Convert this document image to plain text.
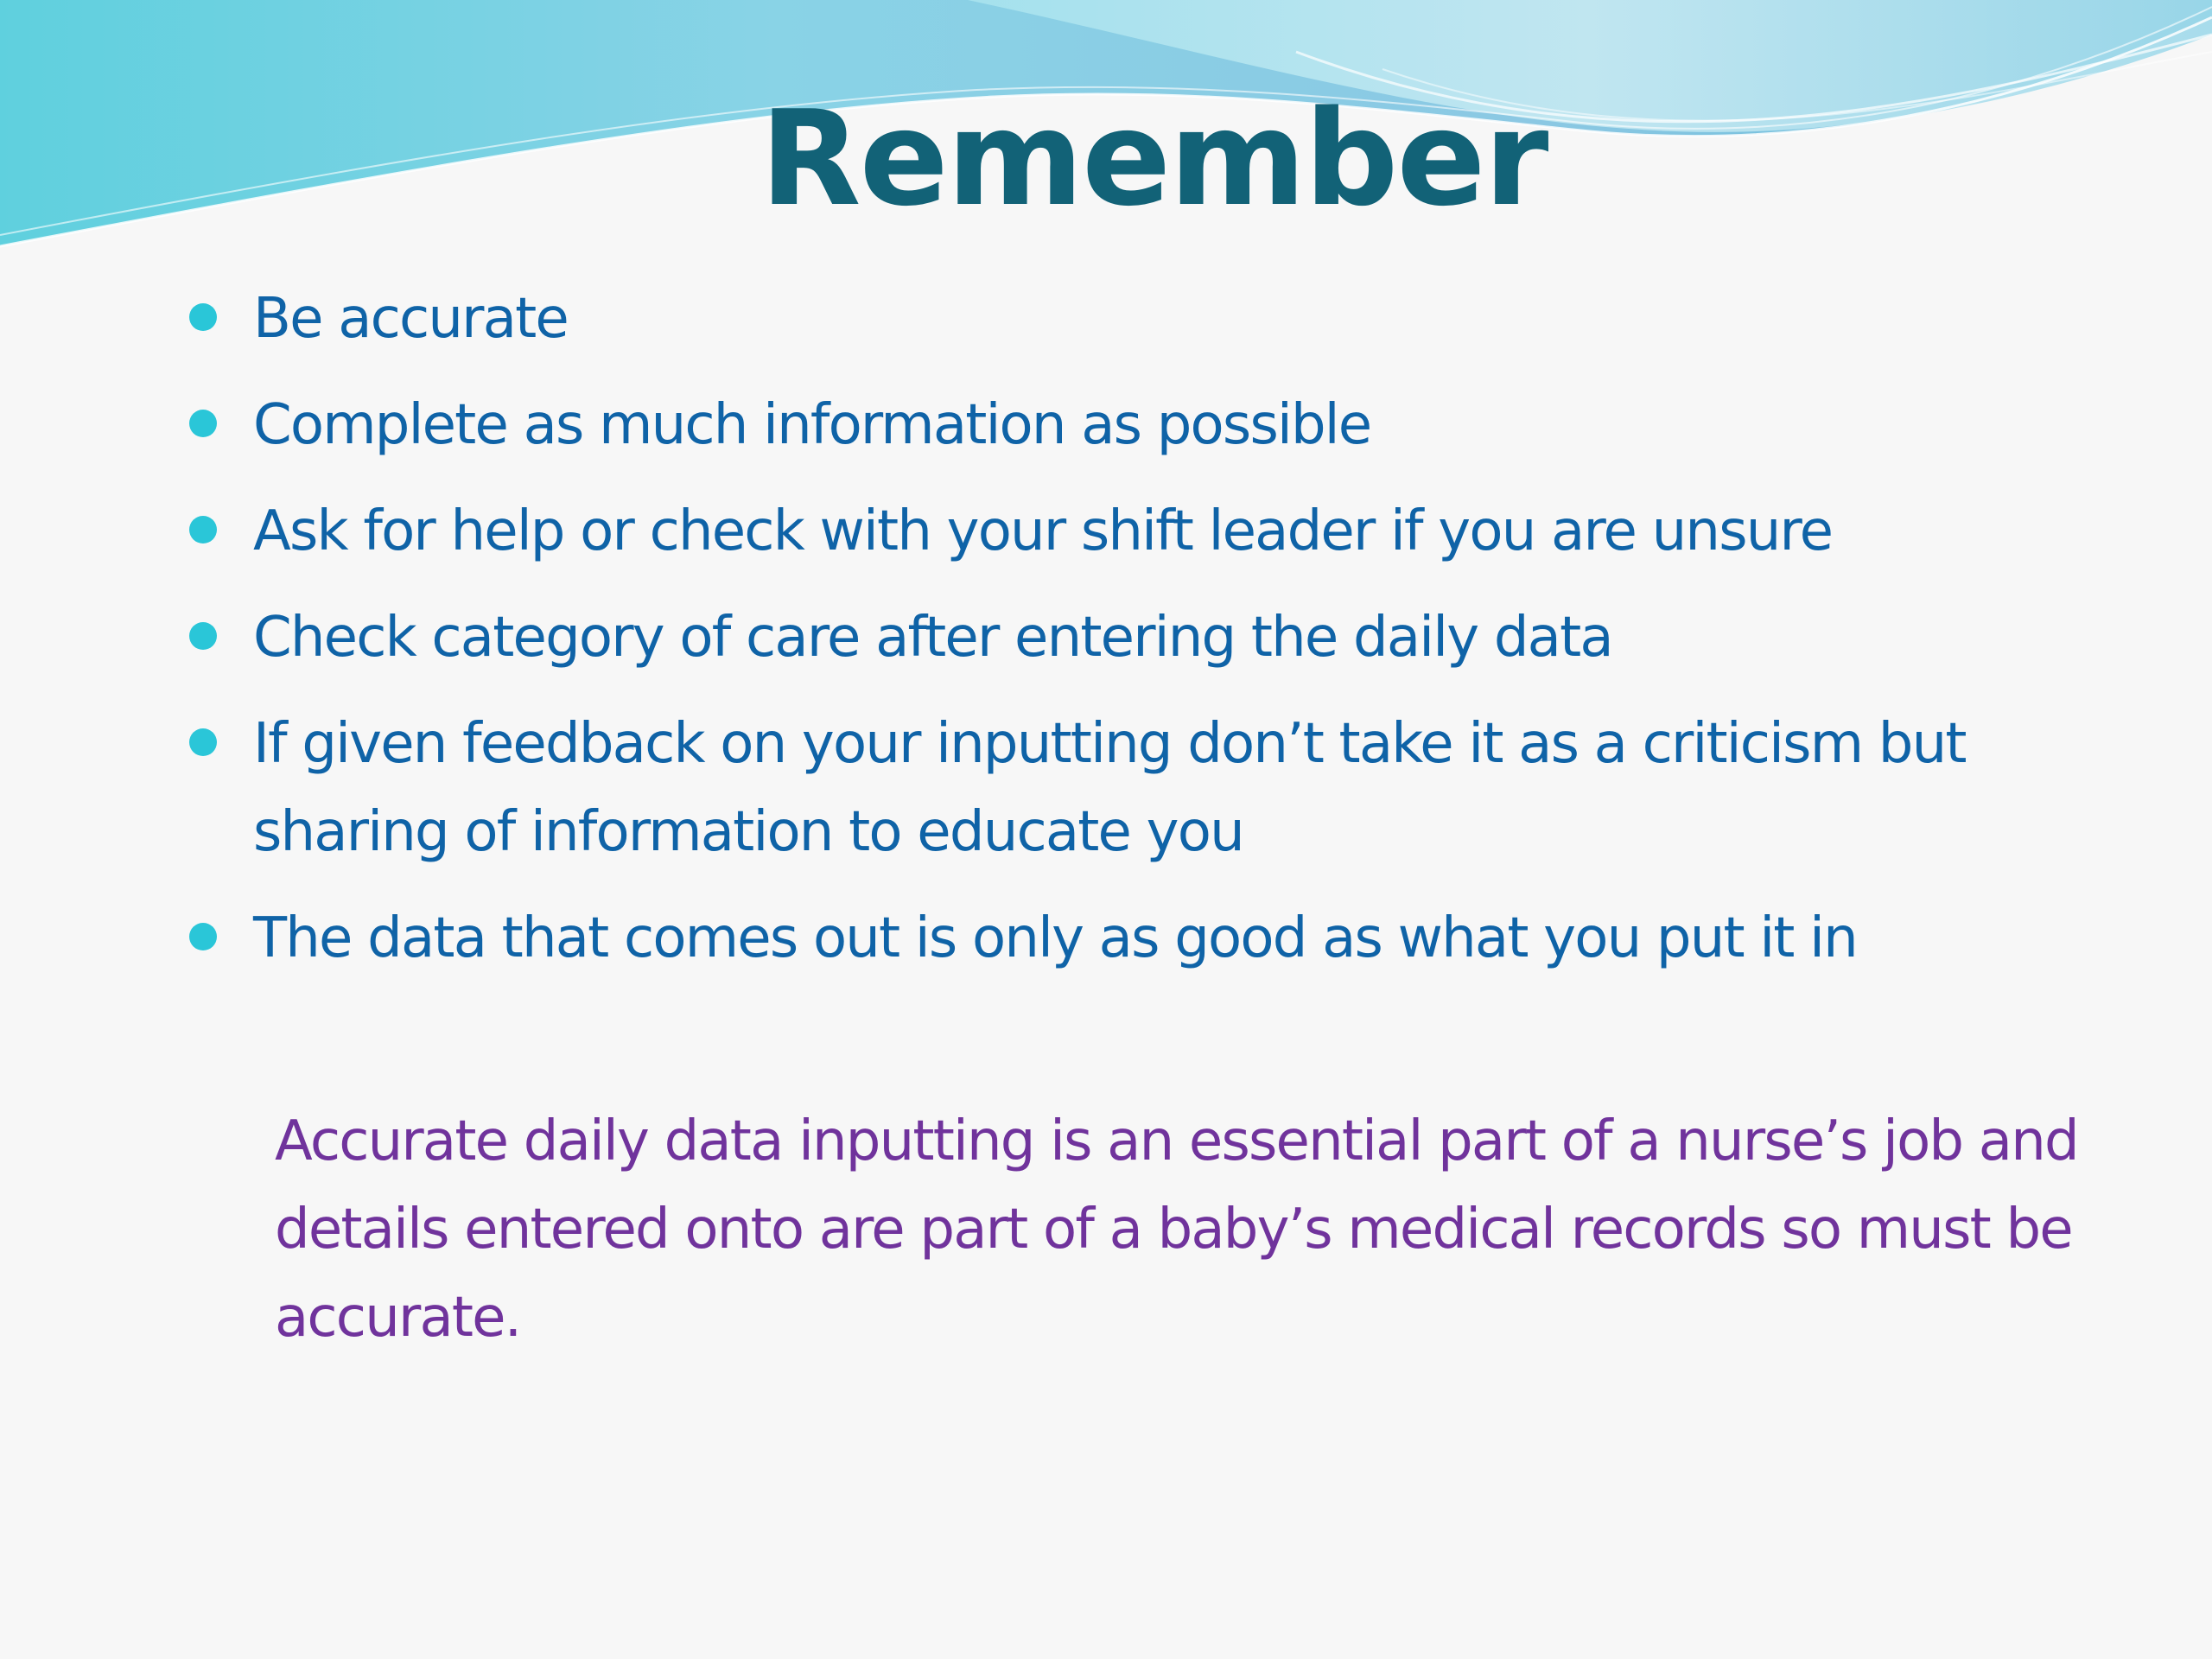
Remember
Be accurate
Complete as much information as possible
Ask for help or check with your shift leader if you are unsure
Check category of care after entering the daily data
If given feedback on your inputting don’t take it as a criticism but sharing of information to educate you
The data that comes out is only as good as what you put it in

Accurate daily data inputting is an essential part of a nurse’s job and details entered onto are part of a baby’s medical records so must be accurate.
